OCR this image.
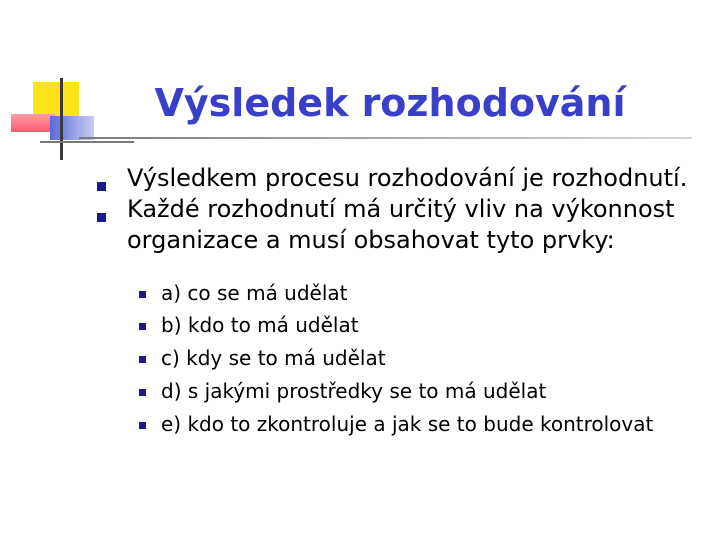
Výsledek rozhodování
Výsledkem procesu rozhodování je rozhodnutí.
Každé rozhodnutí má určitý vliv na výkonnost
organizace a musí obsahovat tyto prvky:
a) co se má udělat
b) kdo to má udělat
c) kdy se to má udělat
d) s jakými prostředky se to má udělat
e) kdo to zkontroluje a jak se to bude kontrolovat
